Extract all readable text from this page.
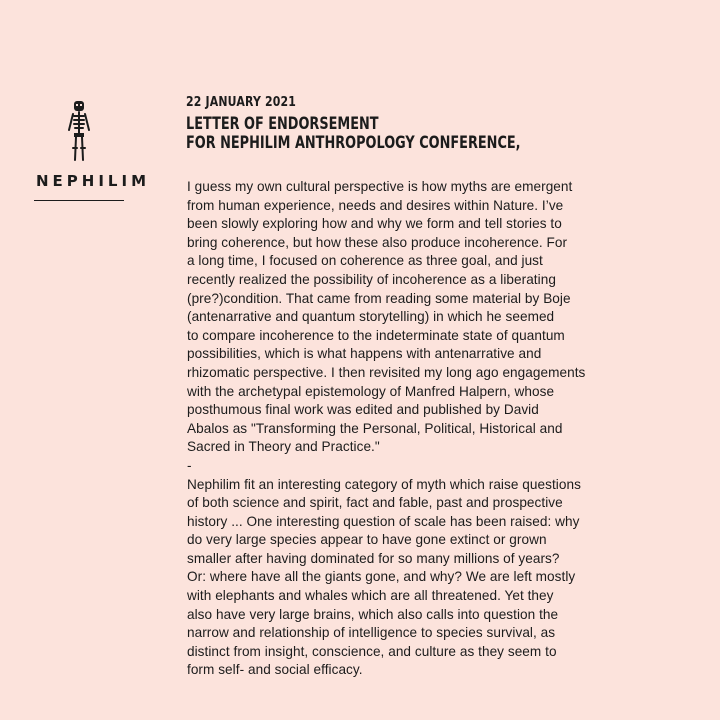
NEPHILIM
22 JANUARY 2021
LETTER OF ENDORSEMENT
FOR NEPHILIM ANTHROPOLOGY CONFERENCE,
I guess my own cultural perspective is how myths are emergent
from human experience, needs and desires within Nature. I’ve
been slowly exploring how and why we form and tell stories to
bring coherence, but how these also produce incoherence. For
a long time, I focused on coherence as three goal, and just
recently realized the possibility of incoherence as a liberating
(pre?)condition. That came from reading some material by Boje
(antenarrative and quantum storytelling) in which he seemed
to compare incoherence to the indeterminate state of quantum
possibilities, which is what happens with antenarrative and
rhizomatic perspective. I then revisited my long ago engagements
with the archetypal epistemology of Manfred Halpern, whose
posthumous final work was edited and published by David
Abalos as "Transforming the Personal, Political, Historical and
Sacred in Theory and Practice."
-
Nephilim fit an interesting category of myth which raise questions
of both science and spirit, fact and fable, past and prospective
history ... One interesting question of scale has been raised: why
do very large species appear to have gone extinct or grown
smaller after having dominated for so many millions of years?
Or: where have all the giants gone, and why? We are left mostly
with elephants and whales which are all threatened. Yet they
also have very large brains, which also calls into question the
narrow and relationship of intelligence to species survival, as
distinct from insight, conscience, and culture as they seem to
form self- and social efficacy.
